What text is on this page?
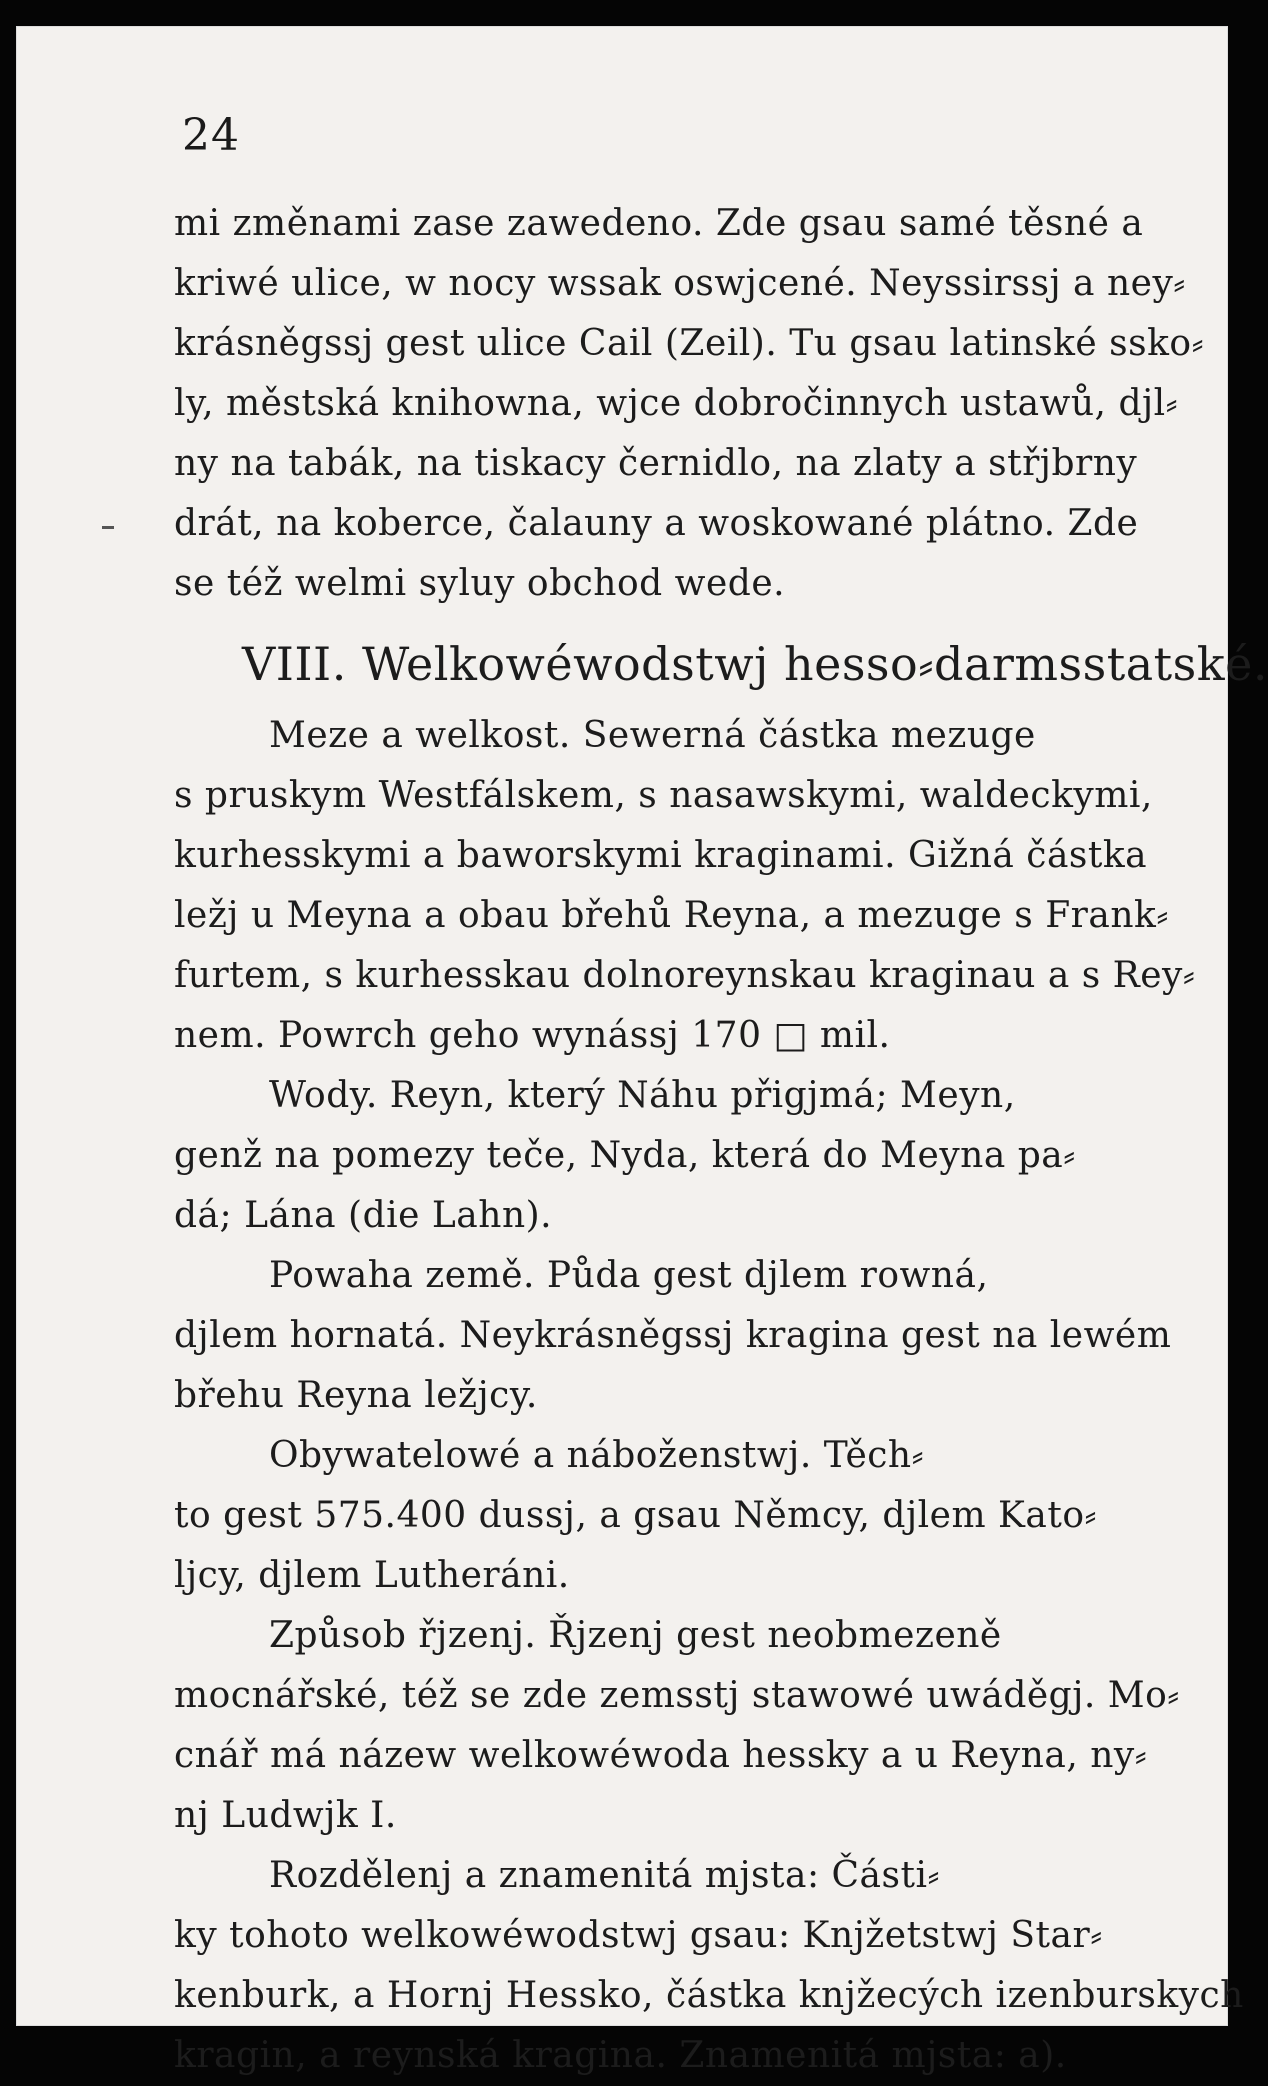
24
mi změnami zase zawedeno. Zde gsau samé těsné a
kriwé ulice, w nocy wssak oswjcené. Neyssirssj a ney⸗
krásněgssj gest ulice Cail (Zeil). Tu gsau latinské ssko⸗
ly, městská knihowna, wjce dobročinnych ustawů, djl⸗
ny na tabák, na tiskacy černidlo, na zlaty a střjbrny
drát, na koberce, čalauny a woskowané plátno. Zde
se též welmi syluy obchod wede.
VIII. Welkowéwodstwj hesso⸗darmsstatské.
Meze a welkost. Sewerná částka mezuge
s pruskym Westfálskem, s nasawskymi, waldeckymi,
kurhesskymi a baworskymi kraginami. Gižná částka
ležj u Meyna a obau břehů Reyna, a mezuge s Frank⸗
furtem, s kurhesskau dolnoreynskau kraginau a s Rey⸗
nem. Powrch geho wynássj 170 □ mil.
Wody. Reyn, který Náhu přigjmá; Meyn,
genž na pomezy teče, Nyda, která do Meyna pa⸗
dá; Lána (die Lahn).
Powaha země. Půda gest djlem rowná,
djlem hornatá. Neykrásněgssj kragina gest na lewém
břehu Reyna ležjcy.
Obywatelowé a náboženstwj. Těch⸗
to gest 575.400 dussj, a gsau Němcy, djlem Kato⸗
ljcy, djlem Lutheráni.
Způsob řjzenj. Řjzenj gest neobmezeně
mocnářské, též se zde zemsstj stawowé uwáděgj. Mo⸗
cnář má názew welkowéwoda hessky a u Reyna, ny⸗
nj Ludwjk I.
Rozdělenj a znamenitá mjsta: Části⸗
ky tohoto welkowéwodstwj gsau: Knjžetstwj Star⸗
kenburk, a Hornj Hessko, částka knjžecých izenburskych
kragin, a reynská kragina. Znamenitá mjsta: a).
